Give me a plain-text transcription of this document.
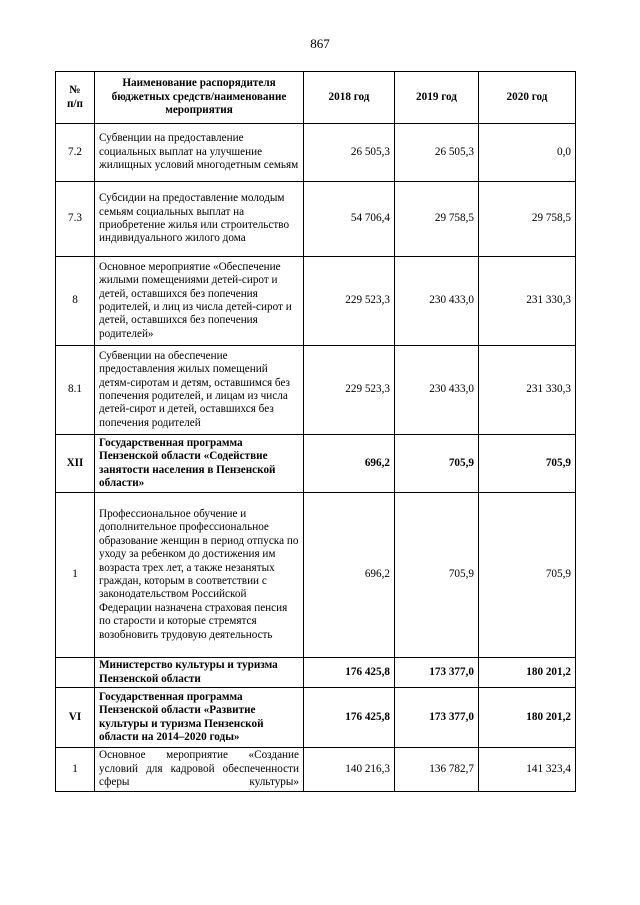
867
№
п/п	Наименование распорядителя бюджетных средств/наименование мероприятия	2018 год	2019 год	2020 год
7.2	Субвенции на предоставление социальных выплат на улучшение жилищных условий многодетным семьям	26 505,3	26 505,3	0,0
7.3	Субсидии на предоставление молодым семьям социальных выплат на приобретение жилья или строительство индивидуального жилого дома	54 706,4	29 758,5	29 758,5
8	Основное мероприятие «Обеспечение жилыми помещениями детей-сирот и детей, оставшихся без попечения родителей, и лиц из числа детей-сирот и детей, оставшихся без попечения родителей»	229 523,3	230 433,0	231 330,3
8.1	Субвенции на обеспечение предоставления жилых помещений детям-сиротам и детям, оставшимся без попечения родителей, и лицам из числа детей-сирот и детей, оставшихся без попечения родителей	229 523,3	230 433,0	231 330,3
XII	Государственная программа Пензенской области «Содействие занятости населения в Пензенской области»	696,2	705,9	705,9
1	Профессиональное обучение и дополнительное профессиональное образование женщин в период отпуска по уходу за ребенком до достижения им возраста трех лет, а также незанятых граждан, которым в соответствии с законодательством Российской Федерации назначена страховая пенсия по старости и которые стремятся возобновить трудовую деятельность	696,2	705,9	705,9
	Министерство культуры и туризма Пензенской области	176 425,8	173 377,0	180 201,2
VI	Государственная программа Пензенской области «Развитие культуры и туризма Пензенской области на 2014–2020 годы»	176 425,8	173 377,0	180 201,2
1	Основное мероприятие «Создание условий для кадровой обеспеченности сферы культуры»	140 216,3	136 782,7	141 323,4
